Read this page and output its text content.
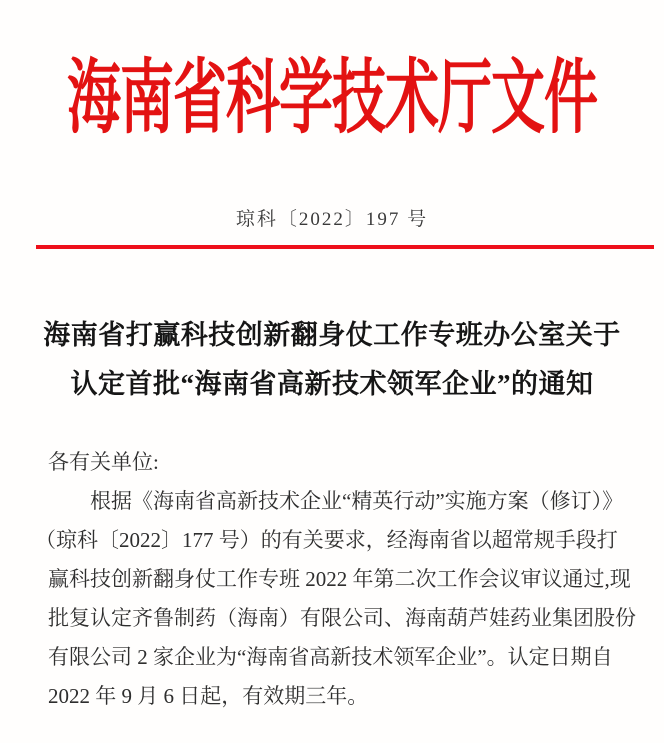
海南省科学技术厅文件
琼科〔2022〕197 号
海南省打赢科技创新翻身仗工作专班办公室关于
认定首批“海南省高新技术领军企业”的通知
各有关单位:
根据《海南省高新技术企业“精英行动”实施方案（修订）》
（琼科〔2022〕177 号）的有关要求，经海南省以超常规手段打
赢科技创新翻身仗工作专班 2022 年第二次工作会议审议通过,现
批复认定齐鲁制药（海南）有限公司、海南葫芦娃药业集团股份
有限公司 2 家企业为“海南省高新技术领军企业”。认定日期自
2022 年 9 月 6 日起，有效期三年。
